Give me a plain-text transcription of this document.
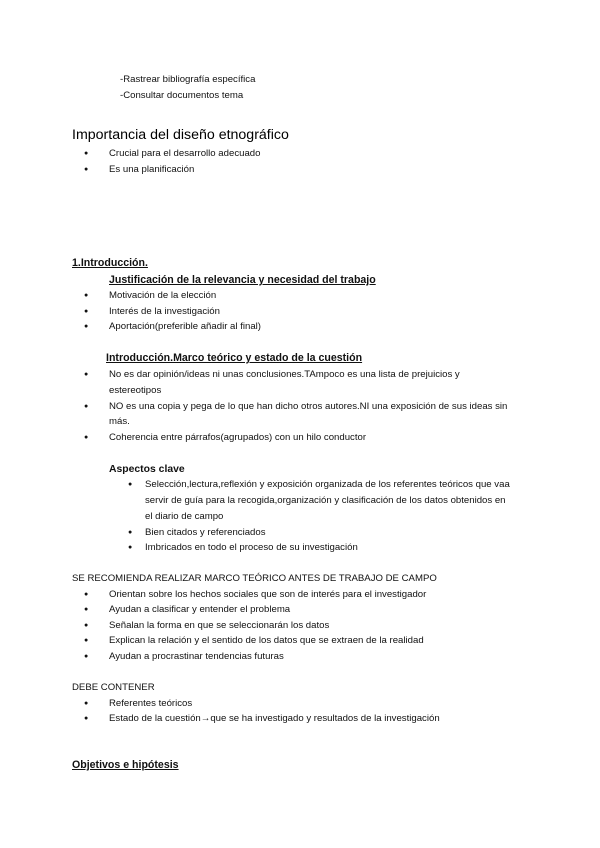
-Rastrear bibliografía específica
-Consultar documentos tema
Importancia del diseño etnográfico
● Crucial para el desarrollo adecuado
● Es una planificación
1.Introducción.
Justificación de la relevancia y necesidad del trabajo
● Motivación de la elección
● Interés de la investigación
● Aportación(preferible añadir al final)
Introducción.Marco teórico y estado de la cuestión
● No es dar opinión/ideas ni unas conclusiones.TAmpoco es una lista de prejuicios y
estereotipos
● NO es una copia y pega de lo que han dicho otros autores.NI una exposición de sus ideas sin
más.
● Coherencia entre párrafos(agrupados) con un hilo conductor
Aspectos clave
● Selección,lectura,reflexión y exposición organizada de los referentes teóricos que vaa
servir de guía para la recogida,organización y clasificación de los datos obtenidos en
el diario de campo
● Bien citados y referenciados
● Imbricados en todo el proceso de su investigación
SE RECOMIENDA REALIZAR MARCO TEÓRICO ANTES DE TRABAJO DE CAMPO
● Orientan sobre los hechos sociales que son de interés para el investigador
● Ayudan a clasificar y entender el problema
● Señalan la forma en que se seleccionarán los datos
● Explican la relación y el sentido de los datos que se extraen de la realidad
● Ayudan a procrastinar tendencias futuras
DEBE CONTENER
● Referentes teóricos
● Estado de la cuestión→que se ha investigado y resultados de la investigación
Objetivos e hipótesis
